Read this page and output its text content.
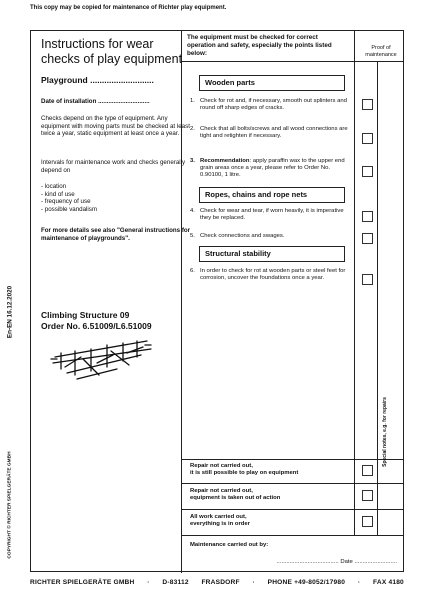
This copy may be copied for maintenance of Richter play equipment.
En-EN 16.12.2020
COPYRIGHT © RICHTER SPIELGERÄTE GMBH
Instructions for wear
checks of play equipment
Playground ...........................
Date of installation ..............................
Checks depend on the type of equipment. Any equipment with moving parts must be checked at least twice a year, static equipment at least once a year.
Intervals for maintenance work and checks generally depend on
- location
- kind of use
- frequency of use
- possible vandalism
For more details see also "General instructions for maintenance of playgrounds".
Climbing Structure 09
Order No. 6.51009/L6.51009
The equipment must be checked for correct operation and safety, especially the points listed below:
Proof of maintenance
Wooden parts
1. Check for rot and, if necessary, smooth out splinters and round off sharp edges of cracks.
2. Check that all bolts/screws and all wood connections are tight and retighten if necessary.
3. Recommendation: apply paraffin wax to the upper end grain areas once a year, please refer to Order No. 0.90100, 1 litre.
Ropes, chains and rope nets
4. Check for wear and tear, if worn heavily, it is imperative they be replaced.
5. Check connections and swages.
Structural stability
6. In order to check for rot at wooden parts or steel feet for corrosion, uncover the foundations once a year.
Special notes, e.g. for repairs
Repair not carried out,
it is still possible to play on equipment
Repair not carried out,
equipment is taken out of action
All work carried out,
everything is in order
Maintenance carried out by:
...................................... Date ..........................
RICHTER SPIELGERÄTE GMBH · D-83112 FRASDORF · PHONE +49-8052/17980 · FAX 4180
